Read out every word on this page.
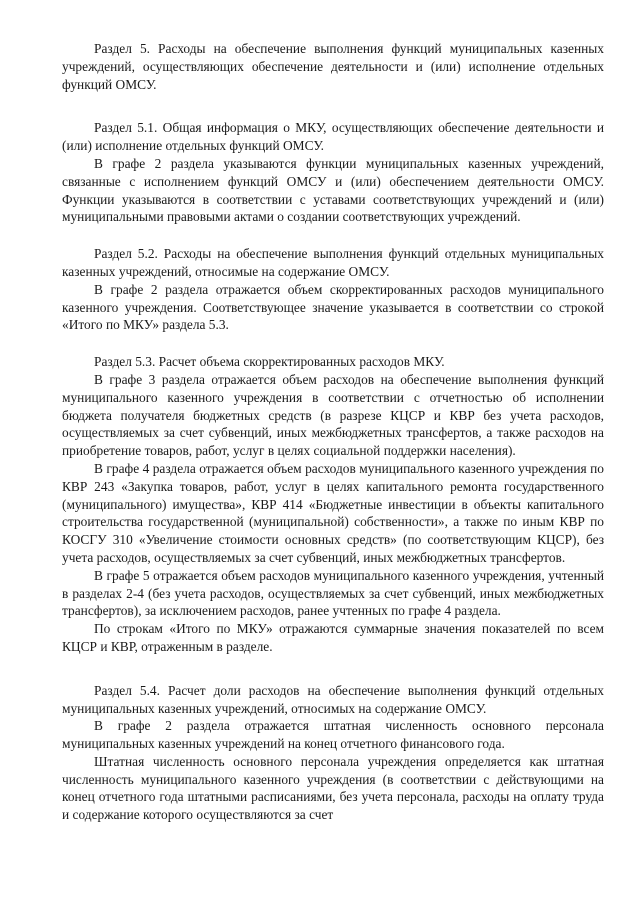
Раздел 5. Расходы на обеспечение выполнения функций муниципальных казенных учреждений, осуществляющих обеспечение деятельности и (или) исполнение отдельных функций ОМСУ.

Раздел 5.1. Общая информация о МКУ, осуществляющих обеспечение деятельности и (или) исполнение отдельных функций ОМСУ.

В графе 2 раздела указываются функции муниципальных казенных учреждений, связанные с исполнением функций ОМСУ и (или) обеспечением деятельности ОМСУ. Функции указываются в соответствии с уставами соответствующих учреждений и (или) муниципальными правовыми актами о создании соответствующих учреждений.

Раздел 5.2. Расходы на обеспечение выполнения функций отдельных муниципальных казенных учреждений, относимые на содержание ОМСУ.

В графе 2 раздела отражается объем скорректированных расходов муниципального казенного учреждения. Соответствующее значение указывается в соответствии со строкой «Итого по МКУ» раздела 5.3.

Раздел 5.3. Расчет объема скорректированных расходов МКУ.

В графе 3 раздела отражается объем расходов на обеспечение выполнения функций муниципального казенного учреждения в соответствии с отчетностью об исполнении бюджета получателя бюджетных средств (в разрезе КЦСР и КВР без учета расходов, осуществляемых за счет субвенций, иных межбюджетных трансфертов, а также расходов на приобретение товаров, работ, услуг в целях социальной поддержки населения).

В графе 4 раздела отражается объем расходов муниципального казенного учреждения по КВР 243 «Закупка товаров, работ, услуг в целях капитального ремонта государственного (муниципального) имущества», КВР 414 «Бюджетные инвестиции в объекты капитального строительства государственной (муниципальной) собственности», а также по иным КВР по КОСГУ 310 «Увеличение стоимости основных средств» (по соответствующим КЦСР), без учета расходов, осуществляемых за счет субвенций, иных межбюджетных трансфертов.

В графе 5 отражается объем расходов муниципального казенного учреждения, учтенный в разделах 2-4 (без учета расходов, осуществляемых за счет субвенций, иных межбюджетных трансфертов), за исключением расходов, ранее учтенных по графе 4 раздела.

По строкам «Итого по МКУ» отражаются суммарные значения показателей по всем КЦСР и КВР, отраженным в разделе.

Раздел 5.4. Расчет доли расходов на обеспечение выполнения функций отдельных муниципальных казенных учреждений, относимых на содержание ОМСУ.

В графе 2 раздела отражается штатная численность основного персонала муниципальных казенных учреждений на конец отчетного финансового года.

Штатная численность основного персонала учреждения определяется как штатная численность муниципального казенного учреждения (в соответствии с действующими на конец отчетного года штатными расписаниями, без учета персонала, расходы на оплату труда и содержание которого осуществляются за счет
